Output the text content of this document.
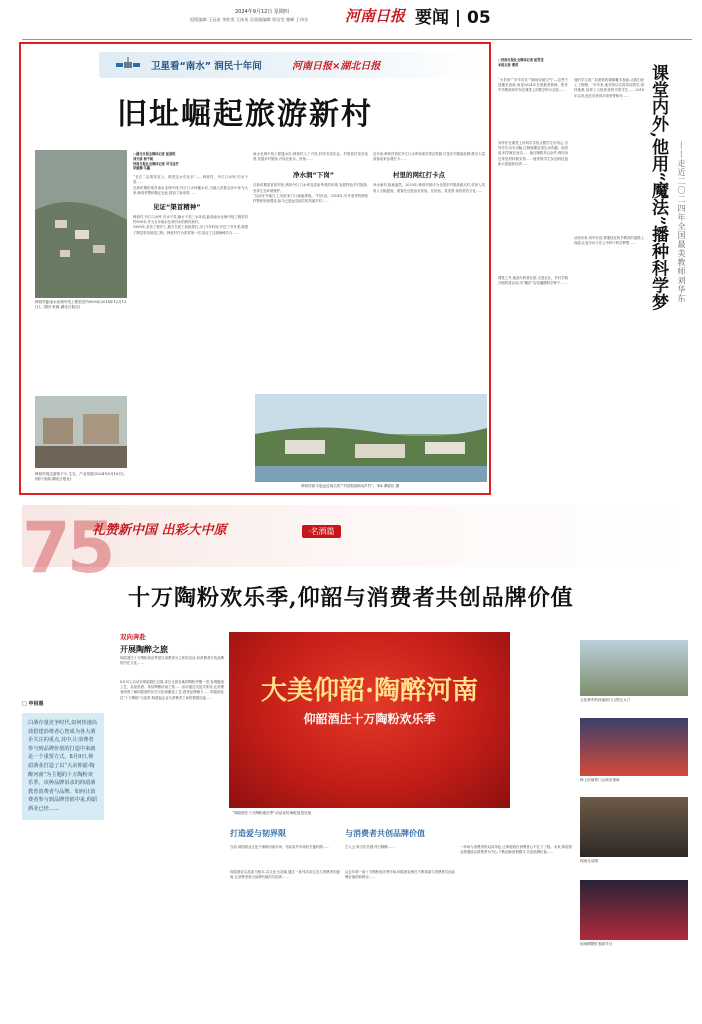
2024年9月12日 星期四
组版编辑 王冠星 李胜男 王冰英 吴欣瑜编辑 郭洁莹 谢峰 王伟宾 河南日报 要闻 | 05
卫星看“南水” 润民十年间	河南日报×湖北日报
旧址崛起旅游新村
韩营村距南水北调中线工程渠首约900米(2014年12月13日)。(图片来源:湖北日报社)
韩营村周边游客不少,生态、产业发展(2024年5月16日)。(图片来源:湖北日报社)
□湖北日报全媒体记者 崔道珉
刘天骄 杨千帆
河南日报社全媒体记者 司马连竹
李丽娜·马鑫
“北京二沿着渠首公、都把这水引北京”……韩营村、丹江口水库,引水干渠……
在新时期的渠首南水北调中线,丹江口水库蓄水后,当地人民群众舍小家为大家,韩营村整体搬迁至此,建设了新家园……
见证“渠首精神”
韩营村,丹江口水库,引水干渠,输水干渠三水环绕,距离南水北调中线工程渠首约900米,作为当年南水北调引水的移民新村。
1969年,渠首工程开工,数万名民工肩挑背扛,用了5年时间,开挖了引丹渠,修建了陶岔渠首枢纽工程。韩营村作为渠首第一村,见证了这段峥嵘岁月……
南水北调中线工程通水后,韩营村人丁兴旺,村民安居乐业。村里依托渠首优势,发展乡村旅游,开设农家乐、民宿……
净水润“下岗”
在新时期渠首的村民,利用丹江口水库及清泉秀美的环境,发展特色乡村旅游,坚持生态环境保护。
“以前在外地打工,现在家门口就能挣钱。”村民说。2014年,引丹渠旁的韩营村整体规划建设,如今已是远近闻名的美丽乡村……
近年来,韩营村依托丹江口水库和渠首景区资源,打造乡村旅游品牌,吸引大量游客前来参观打卡……
村里的网红打卡点
净水润村,绿意盎然。2020年,韩营村被评为全国乡村旅游重点村,村民人均收入大幅提高。游客在这里品农家饭、住民宿、赏美景,体验渠首文化……
韩营村如今是远近闻名的“中国美丽休闲乡村”。李4 谭德臣 摄
□河南日报社全媒体记者 崔雪莹
本报记者 曹萍
“大伯来”“辛辛苦苦”“瞬间穿破空气”—这些不是魔术表演,而是2024年全国最美教师、焦作中学教师刘华东在课堂上的教学的小实验……
刘华东在课堂上用科学实验点燃学生好奇心,引导学生动手动脑,让物理课变得生动有趣。他常说,科学就在身边……他自制教具百余件,利用身边常见材料做实验……他带领学生参加科技创新大赛屡获佳绩……
课堂之外,他创办科普社团,走进社区、乡村学校开展科普活动,用“魔法”实验播撒科学种子……
他的学生说:“刘老师的课像魔术表演,让我们爱上了物理。”多年来,他坚持以实验带动教学,因材施教,培养了大批热爱科学的学生……2016年以来,他先后获得多项荣誉称号……
谈到未来,刘华东说,将继续在科学教育的道路上探索,让更多孩子在心中种下科学梦想…… 课堂内外,他用“魔法”播种科学梦 ——走近二〇二四年全国最美教师刘华东
75
礼赞新中国 出彩大中原	·名酒篇
十万陶粉欢乐季,仰韶与消费者共创品牌价值
□ 申相惠
白酒存量竞争时代,如何快速高效搭建消费者心智成为各大酒企关注的重点,其中,让消费者参与到品牌价值的打造中来就是一个重要方式。8月9日,仰韶酒业打造了以“大美仰韶·陶醉河南”为主题的十万陶粉欢乐季。该种品牌诉求的仰韶酒教育消费者与品牌。如何让消费者参与到品牌营销中来,仰韶酒业已经……
双向奔赴
开展陶醉之旅
仰韶酒庄十万陶粉欢乐季是以消费者为主体的活动,向消费者开放品牌的内在文化……
8月9日,活动在仰韶酒庄启幕,来自全国各地的陶粉齐聚一堂,参观酿造工艺、品鉴美酒、体验陶醉河南之旅……活动通过沉浸式体验,让消费者深度了解仰韶酒的历史文化和酿造工艺,感受品牌魅力……仰韶酒业以“十万陶粉”为纽带,构建起企业与消费者之间的情感连接……	大美仰韶·陶醉河南
仰韶酒庄十万陶粉欢乐季
“仰韶酒庄十万陶粉欢乐季”活动宣传海报视觉呈现
打造爱与韧界限	与消费者共创品牌价值
当前,仰韶酒业正处于深耕河南市场、布局省外市场的关键时期……
仰韶酒业以品质为根本,以文化为灵魂,通过一系列活动拉近与消费者的距离,让消费者成为品牌价值的共创者……
古人云,粤当饮苦酒,终日陶醉……
从去年第一届十万陶粉欢乐季开始,仰韶酒业就在不断探索与消费者共创品牌价值的新路径……
一场场与消费者的双向奔赴,让仰韶酒在消费者心中扎下了根。未来,仰韶酒业将继续以消费者为中心,不断创新营销模式,共创品牌价值……
文化林中的河南仰门山景区大门
韩上河南仰门山演出现场
现场互动照
现场掷钢钉表演节目
